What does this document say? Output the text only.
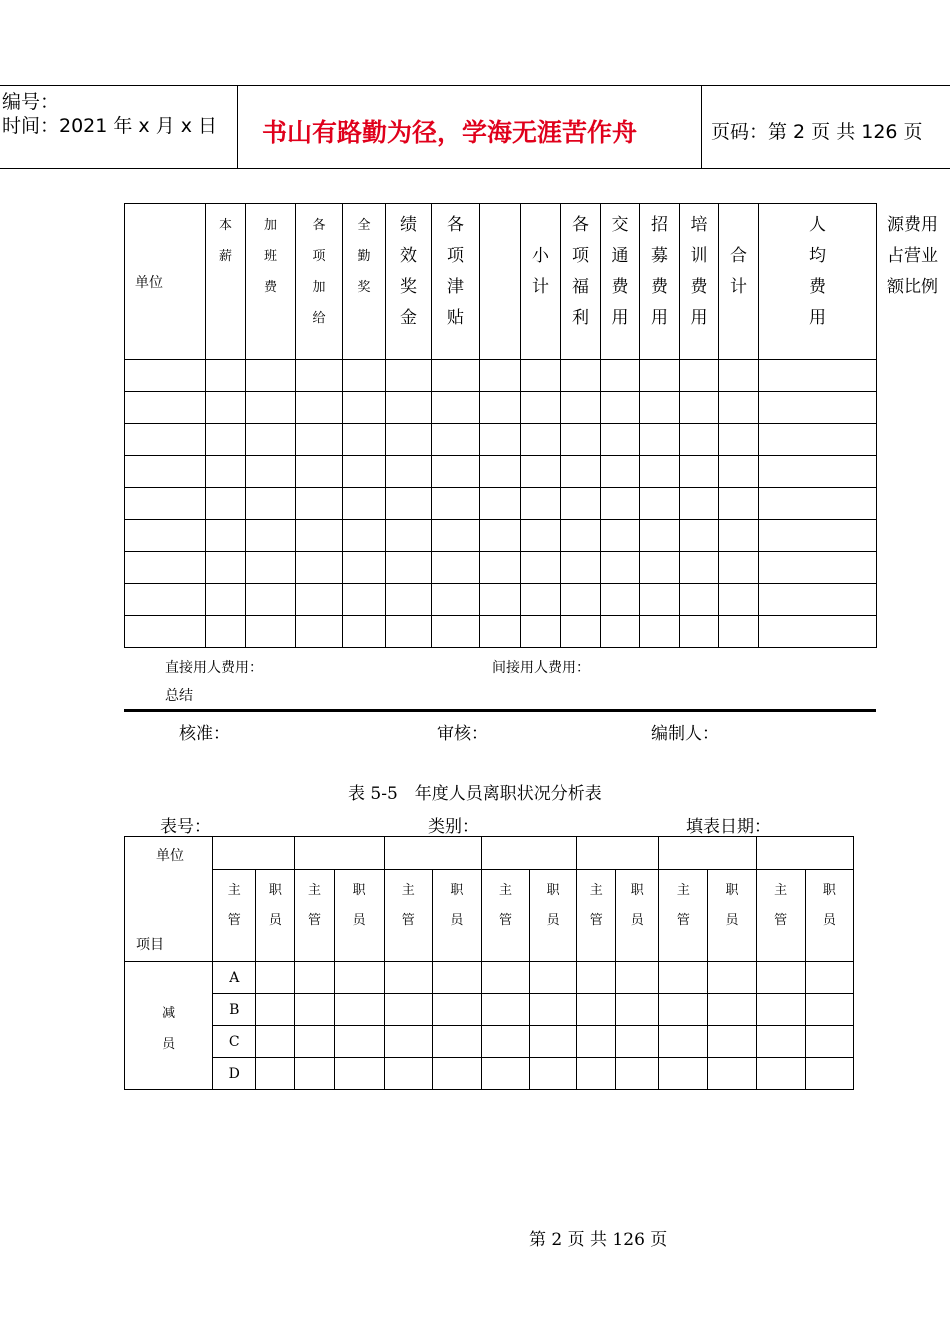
编号：
时间：2021 年 x 月 x 日 书山有路勤为径，学海无涯苦作舟	页码：第 2 页 共 126 页
单位	本薪	加班费	各项加给	全勤奖	绩效奖金	各项津贴		小计	各项福利	交通费用	招募费用	培训费用	合计	人均费用	源费用占营业额比例

直接用人费用：	间接用人费用：
总结
核准：	审核：	编制人：
表 5-5　年度人员离职状况分析表
表号：	类别：	填表日期：
单位
项目														

	主管	职员	主管	职员	主管	职员	主管	职员	主管	职员	主管	职员	主管	职员
减员	A													
	B													
	C													
	D													
第 2 页 共 126 页
